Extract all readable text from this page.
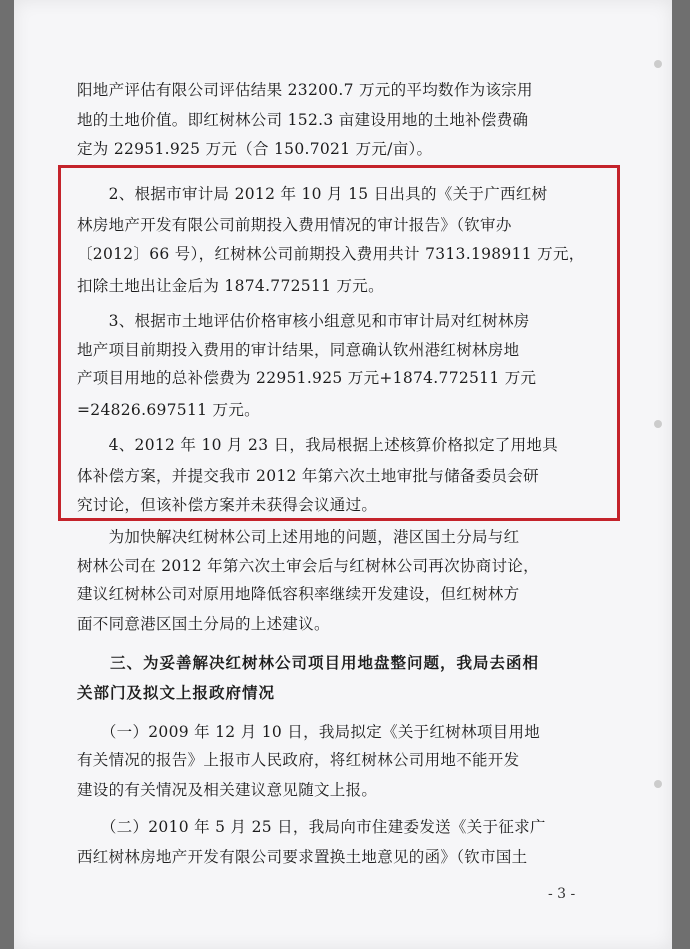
阳地产评估有限公司评估结果 23200.7 万元的平均数作为该宗用
地的土地价值。即红树林公司 152.3 亩建设用地的土地补偿费确
定为 22951.925 万元（合 150.7021 万元/亩）。
　　2、根据市审计局 2012 年 10 月 15 日出具的《关于广西红树
林房地产开发有限公司前期投入费用情况的审计报告》（钦审办
〔2012〕66 号），红树林公司前期投入费用共计 7313.198911 万元，
扣除土地出让金后为 1874.772511 万元。
　　3、根据市土地评估价格审核小组意见和市审计局对红树林房
地产项目前期投入费用的审计结果，同意确认钦州港红树林房地
产项目用地的总补偿费为 22951.925 万元+1874.772511 万元
=24826.697511 万元。
　　4、2012 年 10 月 23 日，我局根据上述核算价格拟定了用地具
体补偿方案，并提交我市 2012 年第六次土地审批与储备委员会研
究讨论，但该补偿方案并未获得会议通过。
　　为加快解决红树林公司上述用地的问题，港区国土分局与红
树林公司在 2012 年第六次土审会后与红树林公司再次协商讨论，
建议红树林公司对原用地降低容积率继续开发建设，但红树林方
面不同意港区国土分局的上述建议。
　　三、为妥善解决红树林公司项目用地盘整问题，我局去函相
关部门及拟文上报政府情况
　　（一）2009 年 12 月 10 日，我局拟定《关于红树林项目用地
有关情况的报告》上报市人民政府，将红树林公司用地不能开发
建设的有关情况及相关建议意见随文上报。
　　（二）2010 年 5 月 25 日，我局向市住建委发送《关于征求广
西红树林房地产开发有限公司要求置换土地意见的函》（钦市国土
- 3 -
